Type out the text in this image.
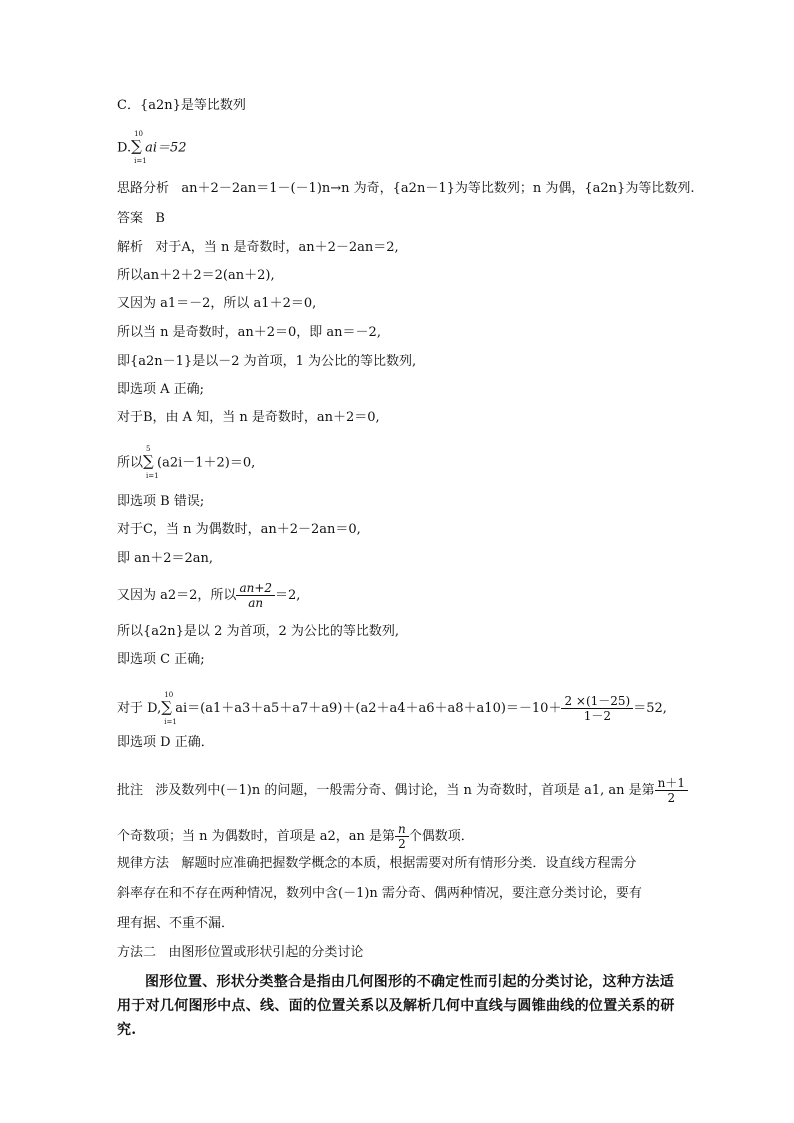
C．{a2n}是等比数列
D.
10
∑
i=1
ai＝52
思路分析 an＋2－2an＝1－(－1)n→n 为奇，{a2n－1}为等比数列；n 为偶，{a2n}为等比数列.
答案 B
解析 对于A，当 n 是奇数时，an＋2－2an＝2,
所以an＋2＋2＝2(an＋2),
又因为 a1＝－2，所以 a1＋2＝0,
所以当 n 是奇数时，an＋2＝0，即 an＝－2,
即{a2n－1}是以－2 为首项，1 为公比的等比数列,
即选项 A 正确;
对于B，由 A 知，当 n 是奇数时，an＋2＝0,
所以
5
∑
i=1
(a2i－1＋2)＝0,
即选项 B 错误;
对于C，当 n 为偶数时，an＋2－2an＝0,
即 an＋2＝2an,
又因为 a2＝2，所以 $\frac{an+2}{an} =2$,
所以{a2n}是以 2 为首项，2 为公比的等比数列,
即选项 C 正确;
对于 D,
10
∑
i=1
$ai=(a1+a3+a5+a7+a9)+(a2+a4+a6+a8+a10)=-10+ \frac{2 \times(1-25)}{1-2} =52$,
即选项 D 正确．
批注 涉及数列中(－1)n 的问题，一般需分奇、偶讨论，当 n 为奇数时，首项是 a1, an 是第 $\frac{n+1}{2}$
个奇数项；当 n 为偶数时，首项是 a2，an 是第 $\frac{n}{2}$ 个偶数项．
规律方法 解题时应准确把握数学概念的本质，根据需要对所有情形分类．设直线方程需分
斜率存在和不存在两种情况，数列中含(－1)n 需分奇、偶两种情况，要注意分类讨论，要有
理有据、不重不漏．
方法二 由图形位置或形状引起的分类讨论
图形位置、形状分类整合是指由几何图形的不确定性而引起的分类讨论，这种方法适用于对几何图形中点、线、面的位置关系以及解析几何中直线与圆锥曲线的位置关系的研究.
